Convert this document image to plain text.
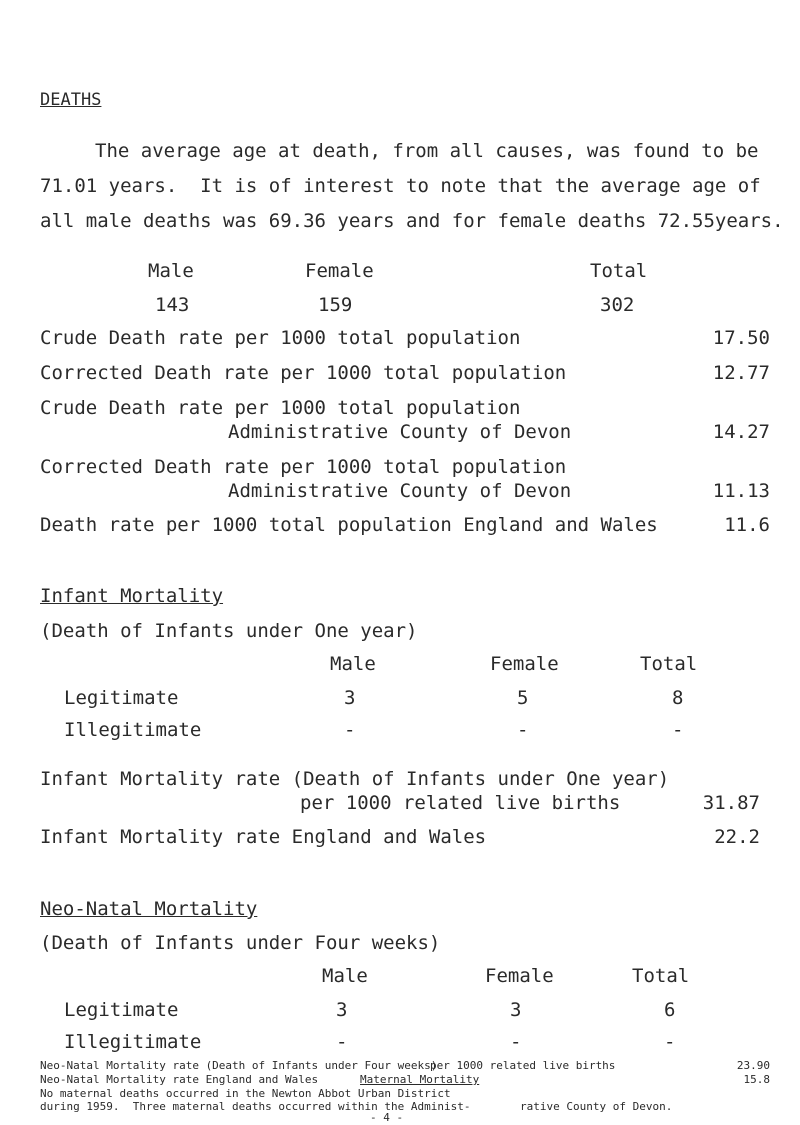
DEATHS
The average age at death, from all causes, was found to be
71.01 years.  It is of interest to note that the average age of
all male deaths was 69.36 years and for female deaths 72.55years.
Male	Female	Total
143	159	302
Crude Death rate per 1000 total population	17.50
Corrected Death rate per 1000 total population	12.77
Crude Death rate per 1000 total population
Administrative County of Devon	14.27
Corrected Death rate per 1000 total population
Administrative County of Devon	11.13
Death rate per 1000 total population England and Wales	11.6
Infant Mortality
(Death of Infants under One year)
Male	Female	Total
Legitimate	3	5	8
Illegitimate	-	-	-
Infant Mortality rate (Death of Infants under One year)
per 1000 related live births	31.87
Infant Mortality rate England and Wales	22.2
Neo-Natal Mortality
(Death of Infants under Four weeks)
Male	Female	Total
Legitimate	3	3	6
Illegitimate	-	-	-
Neo-Natal Mortality rate (Death of Infants under Four weeks)
per 1000 related live births	23.90
Neo-Natal Mortality rate England and Wales	15.8
Maternal Mortality
No maternal deaths occurred in the Newton Abbot Urban District
during 1959.  Three maternal deaths occurred within the Administ-	rative County of Devon.
- 4 -
